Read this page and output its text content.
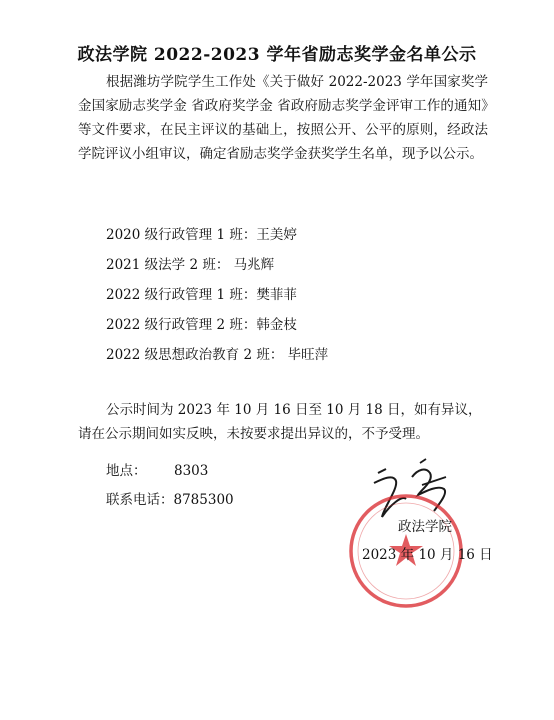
政法学院 2022-2023 学年省励志奖学金名单公示

根据潍坊学院学生工作处《关于做好 2022-2023 学年国家奖学金国家励志奖学金 省政府奖学金 省政府励志奖学金评审工作的通知》等文件要求，在民主评议的基础上，按照公开、公平的原则，经政法学院评议小组审议，确定省励志奖学金获奖学生名单，现予以公示。

2020 级行政管理 1 班：王美婷
2021 级法学 2 班： 马兆辉
2022 级行政管理 1 班：樊菲菲
2022 级行政管理 2 班：韩金枝
2022 级思想政治教育 2 班： 毕旺萍

公示时间为 2023 年 10 月 16 日至 10 月 18 日，如有异议，请在公示期间如实反映，未按要求提出异议的，不予受理。

地点： 8303
联系电话：8785300
政法学院
2023 年 10 月 16 日
